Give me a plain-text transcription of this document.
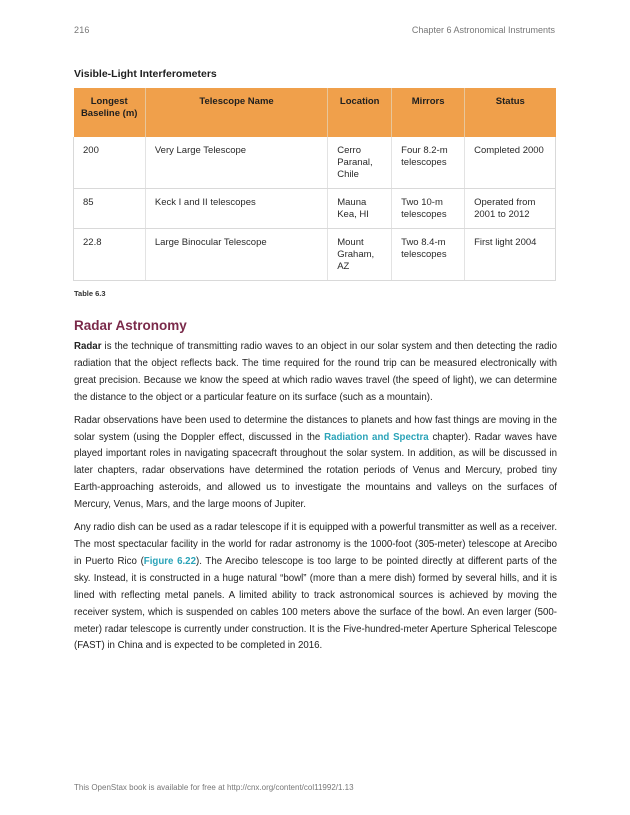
216	Chapter 6 Astronomical Instruments
Visible-Light Interferometers
Longest Baseline (m)	Telescope Name	Location	Mirrors	Status
200	Very Large Telescope	Cerro Paranal, Chile	Four 8.2-m telescopes	Completed 2000
85	Keck I and II telescopes	Mauna Kea, HI	Two 10-m telescopes	Operated from 2001 to 2012
22.8	Large Binocular Telescope	Mount Graham, AZ	Two 8.4-m telescopes	First light 2004
Table 6.3
Radar Astronomy

Radar is the technique of transmitting radio waves to an object in our solar system and then detecting the radio radiation that the object reflects back. The time required for the round trip can be measured electronically with great precision. Because we know the speed at which radio waves travel (the speed of light), we can determine the distance to the object or a particular feature on its surface (such as a mountain).

Radar observations have been used to determine the distances to planets and how fast things are moving in the solar system (using the Doppler effect, discussed in the Radiation and Spectra chapter). Radar waves have played important roles in navigating spacecraft throughout the solar system. In addition, as will be discussed in later chapters, radar observations have determined the rotation periods of Venus and Mercury, probed tiny Earth-approaching asteroids, and allowed us to investigate the mountains and valleys on the surfaces of Mercury, Venus, Mars, and the large moons of Jupiter.

Any radio dish can be used as a radar telescope if it is equipped with a powerful transmitter as well as a receiver. The most spectacular facility in the world for radar astronomy is the 1000-foot (305-meter) telescope at Arecibo in Puerto Rico (Figure 6.22). The Arecibo telescope is too large to be pointed directly at different parts of the sky. Instead, it is constructed in a huge natural “bowl” (more than a mere dish) formed by several hills, and it is lined with reflecting metal panels. A limited ability to track astronomical sources is achieved by moving the receiver system, which is suspended on cables 100 meters above the surface of the bowl. An even larger (500-meter) radar telescope is currently under construction. It is the Five-hundred-meter Aperture Spherical Telescope (FAST) in China and is expected to be completed in 2016.

This OpenStax book is available for free at http://cnx.org/content/col11992/1.13
